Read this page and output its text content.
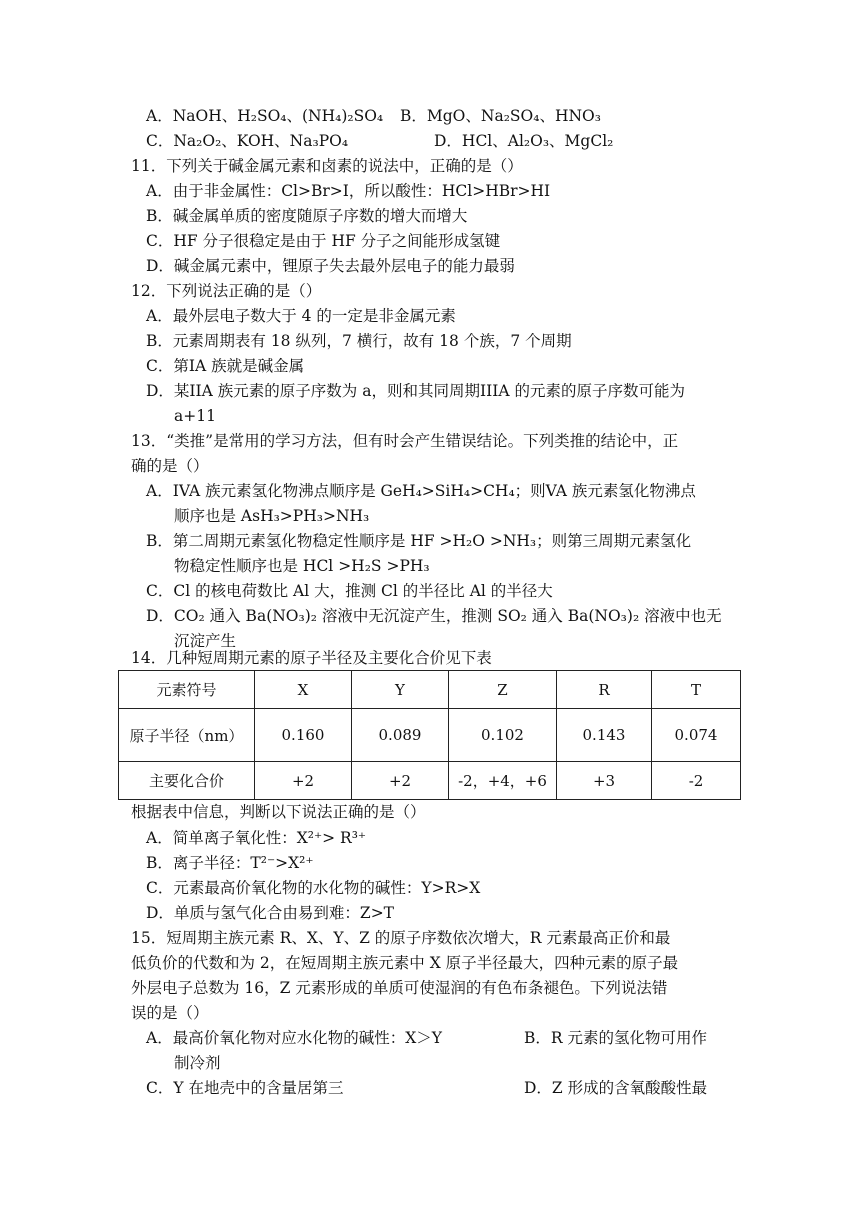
A．NaOH、H₂SO₄、(NH₄)₂SO₄ B．MgO、Na₂SO₄、HNO₃
C．Na₂O₂、KOH、Na₃PO₄	D．HCl、Al₂O₃、MgCl₂
11．下列关于碱金属元素和卤素的说法中，正确的是（）
A．由于非金属性：Cl>Br>I，所以酸性：HCl>HBr>HI
B．碱金属单质的密度随原子序数的增大而增大
C．HF 分子很稳定是由于 HF 分子之间能形成氢键
D．碱金属元素中，锂原子失去最外层电子的能力最弱
12．下列说法正确的是（）
A．最外层电子数大于 4 的一定是非金属元素
B．元素周期表有 18 纵列，7 横行，故有 18 个族，7 个周期
C．第IA 族就是碱金属
D．某IIA 族元素的原子序数为 a，则和其同周期IIIA 的元素的原子序数可能为
a+11
13．“类推”是常用的学习方法，但有时会产生错误结论。下列类推的结论中，正
确的是（）
A．IVA 族元素氢化物沸点顺序是 GeH₄>SiH₄>CH₄；则VA 族元素氢化物沸点
顺序也是 AsH₃>PH₃>NH₃
B．第二周期元素氢化物稳定性顺序是 HF >H₂O >NH₃；则第三周期元素氢化
物稳定性顺序也是 HCl >H₂S >PH₃
C．Cl 的核电荷数比 Al 大，推测 Cl 的半径比 Al 的半径大
D．CO₂ 通入 Ba(NO₃)₂ 溶液中无沉淀产生，推测 SO₂ 通入 Ba(NO₃)₂ 溶液中也无
沉淀产生
14．几种短周期元素的原子半径及主要化合价见下表
元素符号	X	Y	Z	R	T
原子半径（nm）	0.160	0.089	0.102	0.143	0.074
主要化合价	+2	+2	-2，+4，+6	+3	-2
根据表中信息，判断以下说法正确的是（）
A．简单离子氧化性：X²⁺> R³⁺
B．离子半径：T²⁻>X²⁺
C．元素最高价氧化物的水化物的碱性：Y>R>X
D．单质与氢气化合由易到难：Z>T
15．短周期主族元素 R、X、Y、Z 的原子序数依次增大，R 元素最高正价和最
低负价的代数和为 2，在短周期主族元素中 X 原子半径最大，四种元素的原子最
外层电子总数为 16，Z 元素形成的单质可使湿润的有色布条褪色。下列说法错
误的是（）
A．最高价氧化物对应水化物的碱性：X＞Y	B．R 元素的氢化物可用作
制冷剂
C．Y 在地壳中的含量居第三	D．Z 形成的含氧酸酸性最
